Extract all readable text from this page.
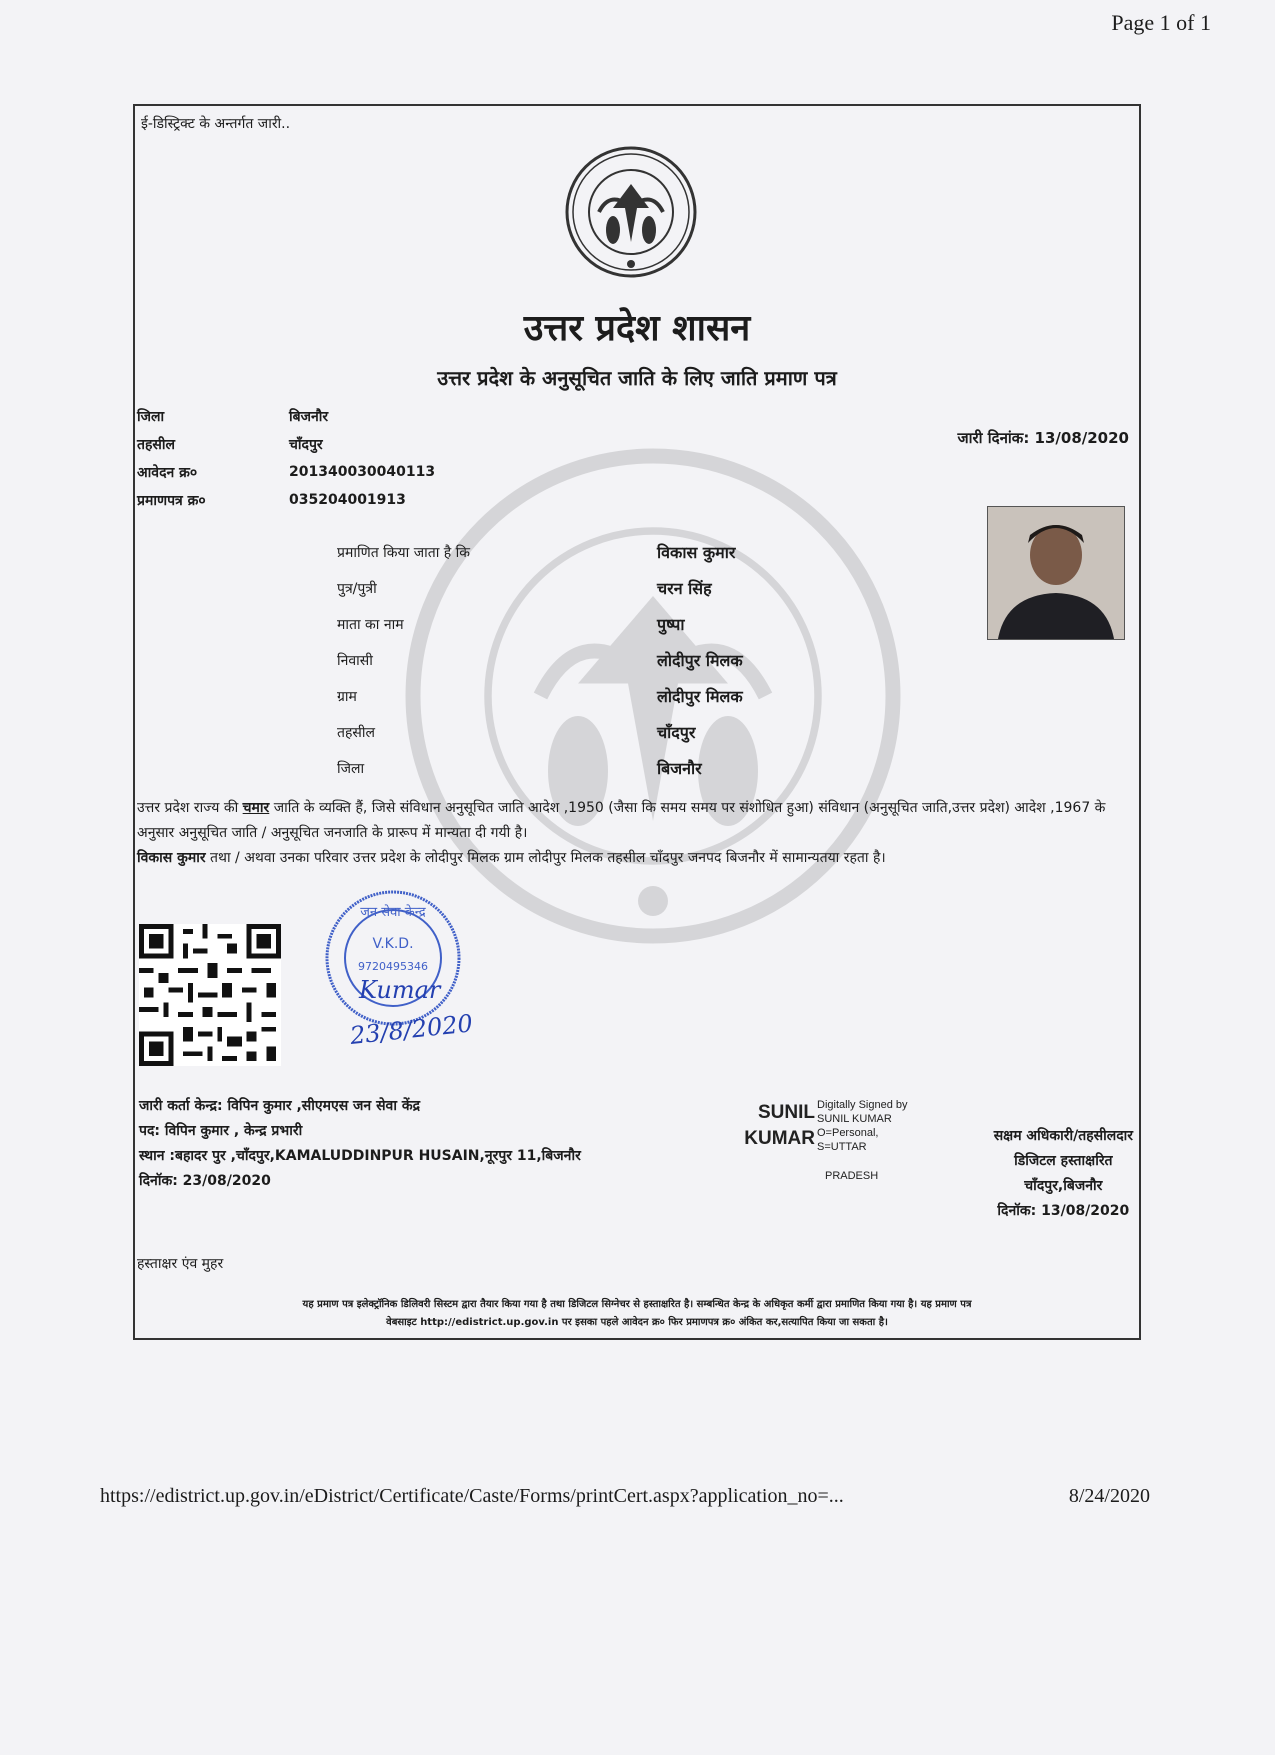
Page 1 of 1
ई-डिस्ट्रिक्ट के अन्तर्गत जारी..
उत्तर प्रदेश शासन
उत्तर प्रदेश के अनुसूचित जाति के लिए जाति प्रमाण पत्र
जिला	बिजनौर
तहसील	चाँदपुर
आवेदन क्र०	201340030040113
प्रमाणपत्र क्र०	035204001913
जारी दिनांक: 13/08/2020
प्रमाणित किया जाता है कि	विकास कुमार
पुत्र/पुत्री	चरन सिंह
माता का नाम	पुष्पा
निवासी	लोदीपुर मिलक
ग्राम	लोदीपुर मिलक
तहसील	चाँदपुर
जिला	बिजनौर
उत्तर प्रदेश राज्य की चमार जाति के व्यक्ति हैं, जिसे संविधान अनुसूचित जाति आदेश ,1950 (जैसा कि समय समय पर संशोधित हुआ) संविधान (अनुसूचित जाति,उत्तर प्रदेश) आदेश ,1967 के अनुसार अनुसूचित जाति / अनुसूचित जनजाति के प्रारूप में मान्यता दी गयी है।
विकास कुमार तथा / अथवा उनका परिवार उत्तर प्रदेश के लोदीपुर मिलक ग्राम लोदीपुर मिलक तहसील चाँदपुर जनपद बिजनौर में सामान्यतया रहता है।
जन सेवा केन्द्र
V.K.D.
9720495346
Kumar
23/8/2020
जारी कर्ता केन्द्र: विपिन कुमार ,सीएमएस जन सेवा केंद्र
पद: विपिन कुमार , केन्द्र प्रभारी
स्थान :बहादर पुर ,चाँदपुर,KAMALUDDINPUR HUSAIN,नूरपुर 11,बिजनौर
दिनॉक: 23/08/2020
SUNIL
KUMAR
Digitally Signed by
SUNIL KUMAR
O=Personal,
S=UTTAR
PRADESH
सक्षम अधिकारी/तहसीलदार
डिजिटल हस्ताक्षरित
चाँदपुर,बिजनौर
दिनॉक: 13/08/2020
हस्ताक्षर एंव मुहर
यह प्रमाण पत्र इलेक्ट्रॉनिक डिलिवरी सिस्टम द्वारा तैयार किया गया है तथा डिजिटल सिग्नेचर से हस्ताक्षरित है। सम्बन्धित केन्द्र के अधिकृत कर्मी द्वारा प्रमाणित किया गया है। यह प्रमाण पत्र
वेबसाइट http://edistrict.up.gov.in पर इसका पहले आवेदन क्र० फिर प्रमाणपत्र क्र० अंकित कर,सत्यापित किया जा सकता है।
https://edistrict.up.gov.in/eDistrict/Certificate/Caste/Forms/printCert.aspx?application_no=...	8/24/2020
